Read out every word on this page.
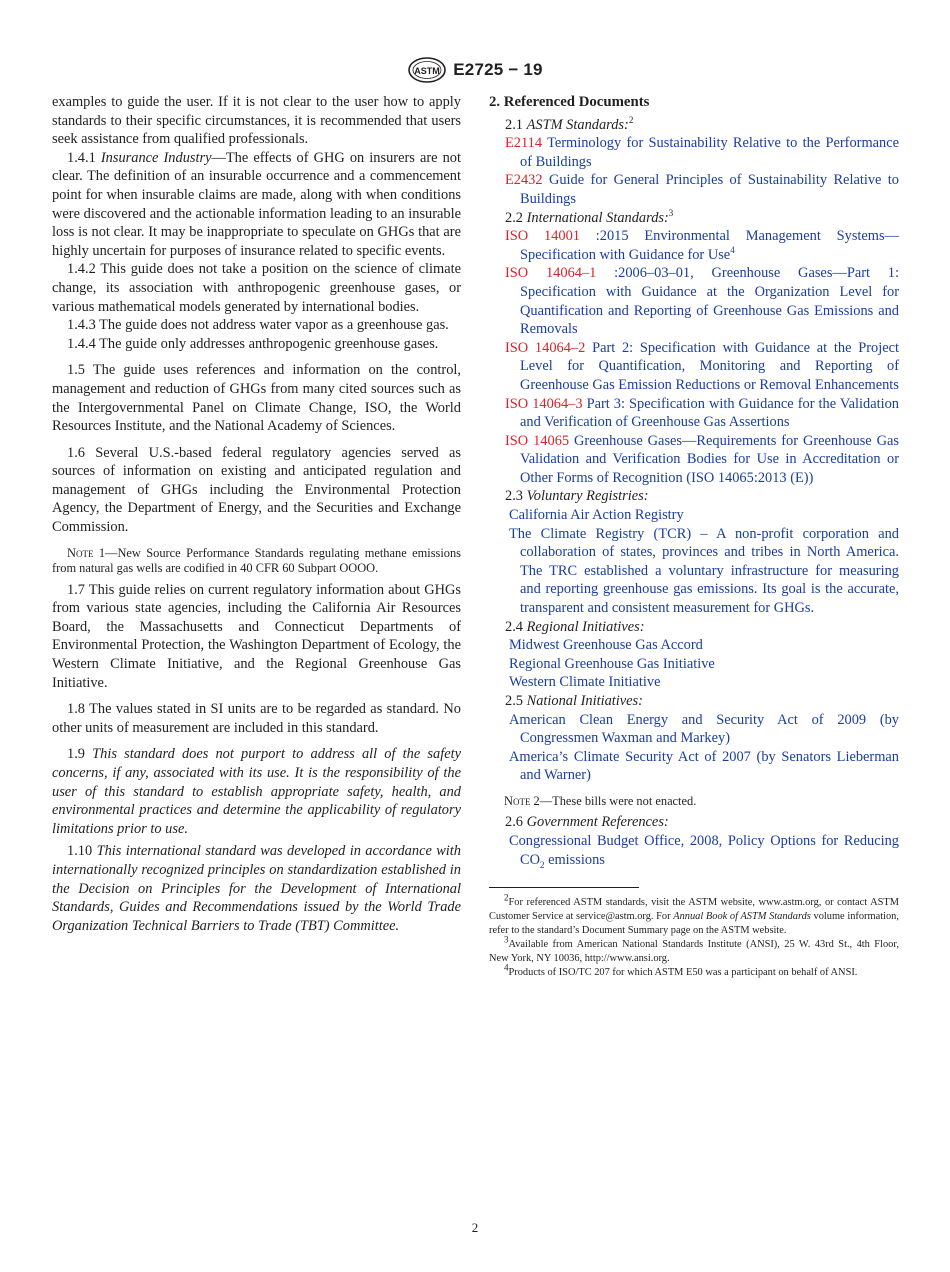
ASTM E2725 − 19

examples to guide the user. If it is not clear to the user how to apply standards to their specific circumstances, it is recommended that users seek assistance from qualified professionals.

1.4.1 Insurance Industry—The effects of GHG on insurers are not clear. The definition of an insurable occurrence and a commencement point for when insurable claims are made, along with when conditions were discovered and the actionable information leading to an insurable loss is not clear. It may be inappropriate to speculate on GHGs that are highly uncertain for purposes of insurance related to specific events.

1.4.2 This guide does not take a position on the science of climate change, its association with anthropogenic greenhouse gases, or various mathematical models generated by international bodies.

1.4.3 The guide does not address water vapor as a greenhouse gas.

1.4.4 The guide only addresses anthropogenic greenhouse gases.

1.5 The guide uses references and information on the control, management and reduction of GHGs from many cited sources such as the Intergovernmental Panel on Climate Change, ISO, the World Resources Institute, and the National Academy of Sciences.

1.6 Several U.S.-based federal regulatory agencies served as sources of information on existing and anticipated regulation and management of GHGs including the Environmental Protection Agency, the Department of Energy, and the Securities and Exchange Commission.

Note 1—New Source Performance Standards regulating methane emissions from natural gas wells are codified in 40 CFR 60 Subpart OOOO.

1.7 This guide relies on current regulatory information about GHGs from various state agencies, including the California Air Resources Board, the Massachusetts and Connecticut Departments of Environmental Protection, the Washington Department of Ecology, the Western Climate Initiative, and the Regional Greenhouse Gas Initiative.

1.8 The values stated in SI units are to be regarded as standard. No other units of measurement are included in this standard.

1.9 This standard does not purport to address all of the safety concerns, if any, associated with its use. It is the responsibility of the user of this standard to establish appropriate safety, health, and environmental practices and determine the applicability of regulatory limitations prior to use.

1.10 This international standard was developed in accordance with internationally recognized principles on standardization established in the Decision on Principles for the Development of International Standards, Guides and Recommendations issued by the World Trade Organization Technical Barriers to Trade (TBT) Committee.

2. Referenced Documents

2.1 ASTM Standards:$^2$

E2114 Terminology for Sustainability Relative to the Performance of Buildings

E2432 Guide for General Principles of Sustainability Relative to Buildings

2.2 International Standards:$^3$

ISO 14001 :2015 Environmental Management Systems—Specification with Guidance for Use$^4$

ISO 14064–1 :2006–03–01, Greenhouse Gases—Part 1: Specification with Guidance at the Organization Level for Quantification and Reporting of Greenhouse Gas Emissions and Removals

ISO 14064–2 Part 2: Specification with Guidance at the Project Level for Quantification, Monitoring and Reporting of Greenhouse Gas Emission Reductions or Removal Enhancements

ISO 14064–3 Part 3: Specification with Guidance for the Validation and Verification of Greenhouse Gas Assertions

ISO 14065 Greenhouse Gases—Requirements for Greenhouse Gas Validation and Verification Bodies for Use in Accreditation or Other Forms of Recognition (ISO 14065:2013 (E))

2.3 Voluntary Registries:

California Air Action Registry

The Climate Registry (TCR) – A non-profit corporation and collaboration of states, provinces and tribes in North America. The TRC established a voluntary infrastructure for measuring and reporting greenhouse gas emissions. Its goal is the accurate, transparent and consistent measurement for GHGs.

2.4 Regional Initiatives:

Midwest Greenhouse Gas Accord

Regional Greenhouse Gas Initiative

Western Climate Initiative

2.5 National Initiatives:

American Clean Energy and Security Act of 2009 (by Congressmen Waxman and Markey)

America’s Climate Security Act of 2007 (by Senators Lieberman and Warner)

Note 2—These bills were not enacted.

2.6 Government References:

Congressional Budget Office, 2008, Policy Options for Reducing $CO_2$ emissions

$^2$For referenced ASTM standards, visit the ASTM website, www.astm.org, or contact ASTM Customer Service at service@astm.org. For Annual Book of ASTM Standards volume information, refer to the standard’s Document Summary page on the ASTM website.

$^3$Available from American National Standards Institute (ANSI), 25 W. 43rd St., 4th Floor, New York, NY 10036, http://www.ansi.org.

$^4$Products of ISO/TC 207 for which ASTM E50 was a participant on behalf of ANSI.

2
